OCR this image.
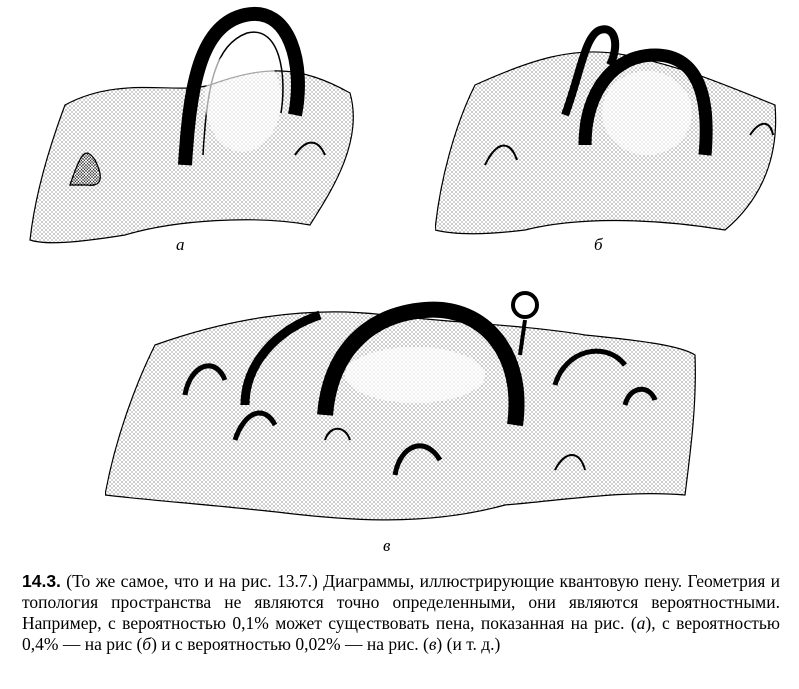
а	б
в

14.3. (То же самое, что и на рис. 13.7.) Диаграммы, иллюстрирующие квантовую пену. Геометрия и топология пространства не являются точно определенными, они являются вероятностными. Например, с вероятностью 0,1% может существовать пена, показанная на рис. (а), с вероятностью 0,4% — на рис (б) и с вероятностью 0,02% — на рис. (в) (и т. д.)
